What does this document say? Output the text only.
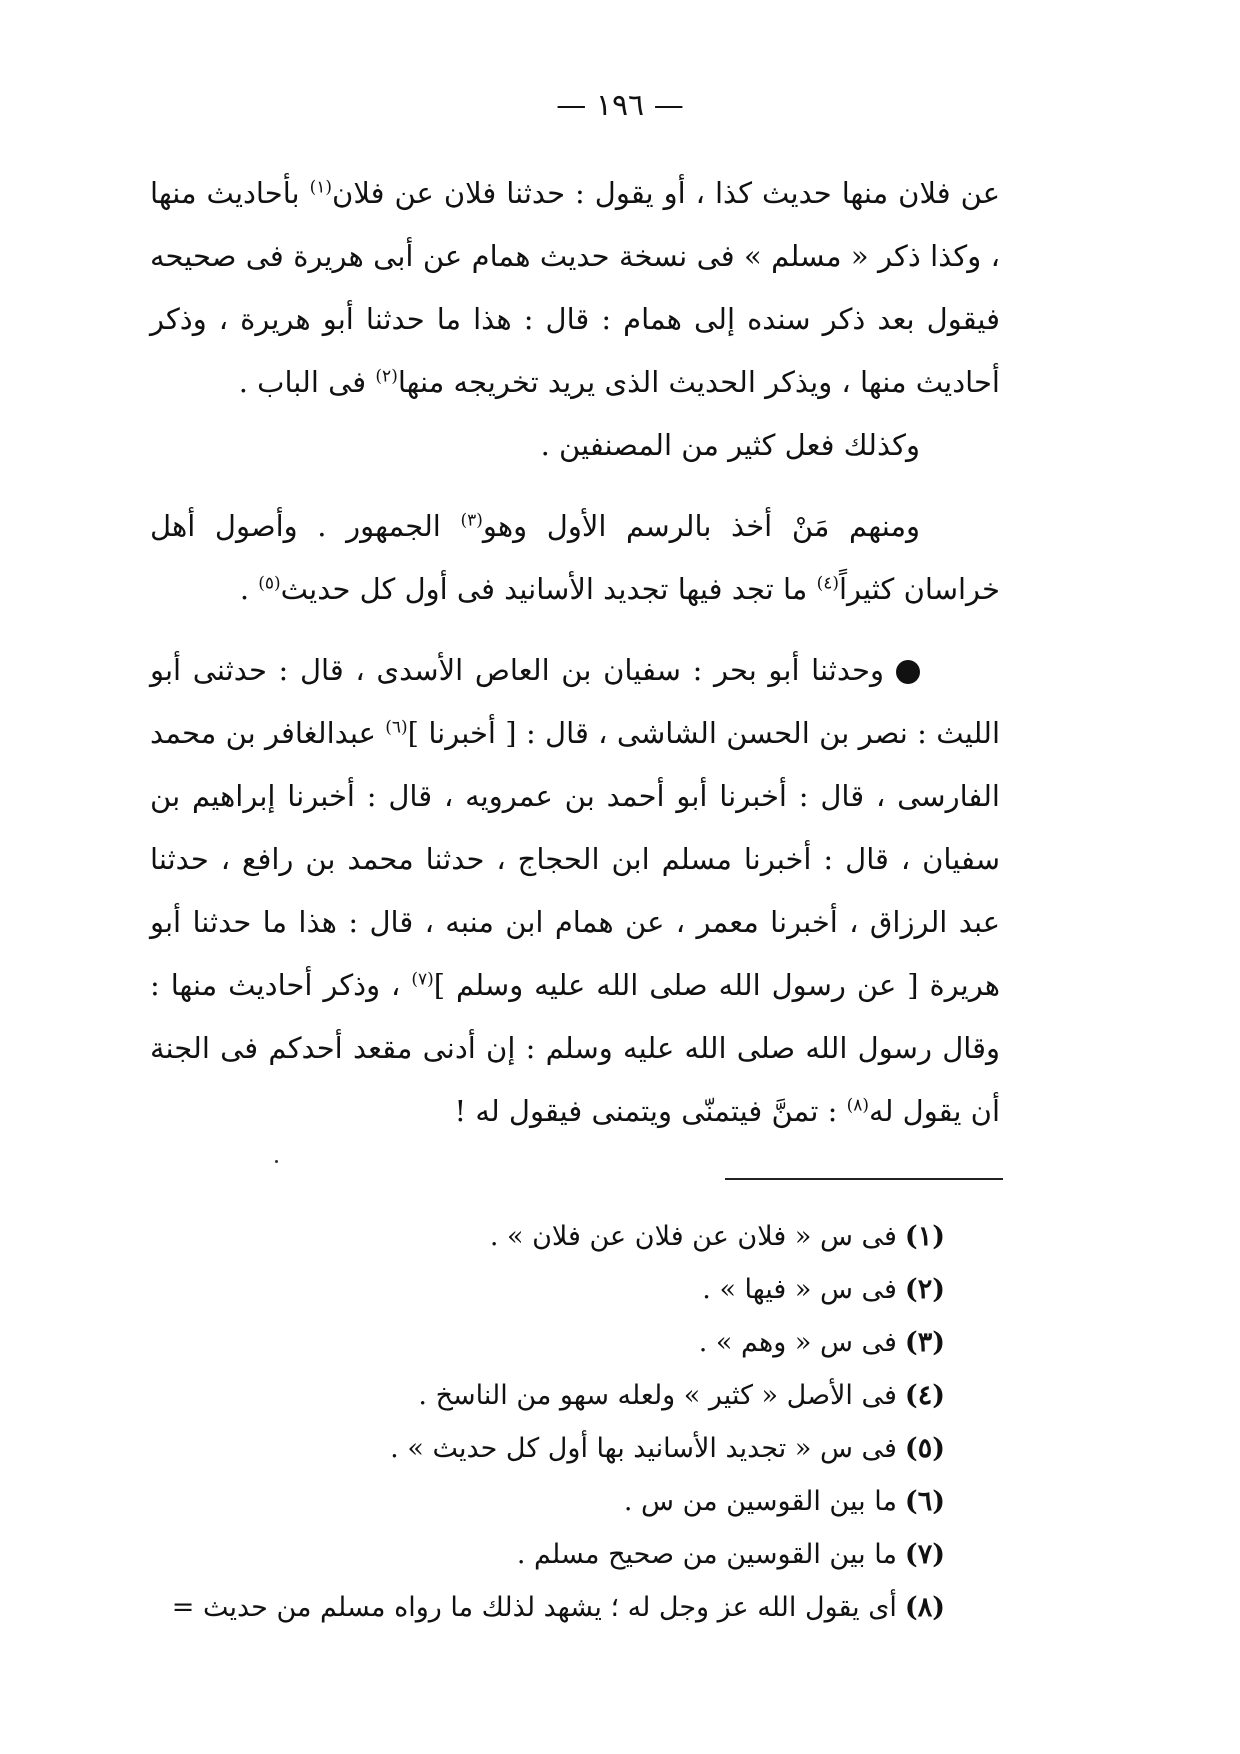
— ١٩٦ —

عن فلان منها حديث كذا ، أو يقول : حدثنا فلان عن فلان$^{(١)}$ بأحاديث منها ، وكذا ذكر « مسلم » فى نسخة حديث همام عن أبى هريرة فى صحيحه فيقول بعد ذكر سنده إلى همام : قال : هذا ما حدثنا أبو هريرة ، وذكر أحاديث منها ، ويذكر الحديث الذى يريد تخريجه منها$^{(٢)}$ فى الباب .

وكذلك فعل كثير من المصنفين .

ومنهم مَنْ أخذ بالرسم الأول وهو$^{(٣)}$ الجمهور . وأصول أهل خراسان كثيراً$^{(٤)}$ ما تجد فيها تجديد الأسانيد فى أول كل حديث$^{(٥)}$ .

وحدثنا أبو بحر : سفيان بن العاص الأسدى ، قال : حدثنى أبو الليث : نصر بن الحسن الشاشى ، قال : [ أخبرنا ]$^{(٦)}$ عبدالغافر بن محمد الفارسى ، قال : أخبرنا أبو أحمد بن عمرويه ، قال : أخبرنا إبراهيم بن سفيان ، قال : أخبرنا مسلم ابن الحجاج ، حدثنا محمد بن رافع ، حدثنا عبد الرزاق ، أخبرنا معمر ، عن همام ابن منبه ، قال : هذا ما حدثنا أبو هريرة [ عن رسول الله صلى الله عليه وسلم ]$^{(٧)}$ ، وذكر أحاديث منها : وقال رسول الله صلى الله عليه وسلم : إن أدنى مقعد أحدكم فى الجنة أن يقول له$^{(٨)}$ : تمنَّ فيتمنّى ويتمنى فيقول له !

(١)فى س « فلان عن فلان عن فلان » .
(٢)فى س « فيها » .
(٣)فى س « وهم » .
(٤)فى الأصل « كثير » ولعله سهو من الناسخ .
(٥)فى س « تجديد الأسانيد بها أول كل حديث » .
(٦)ما بين القوسين من س .
(٧)ما بين القوسين من صحيح مسلم .
(٨)أى يقول الله عز وجل له ؛ يشهد لذلك ما رواه مسلم من حديث =
